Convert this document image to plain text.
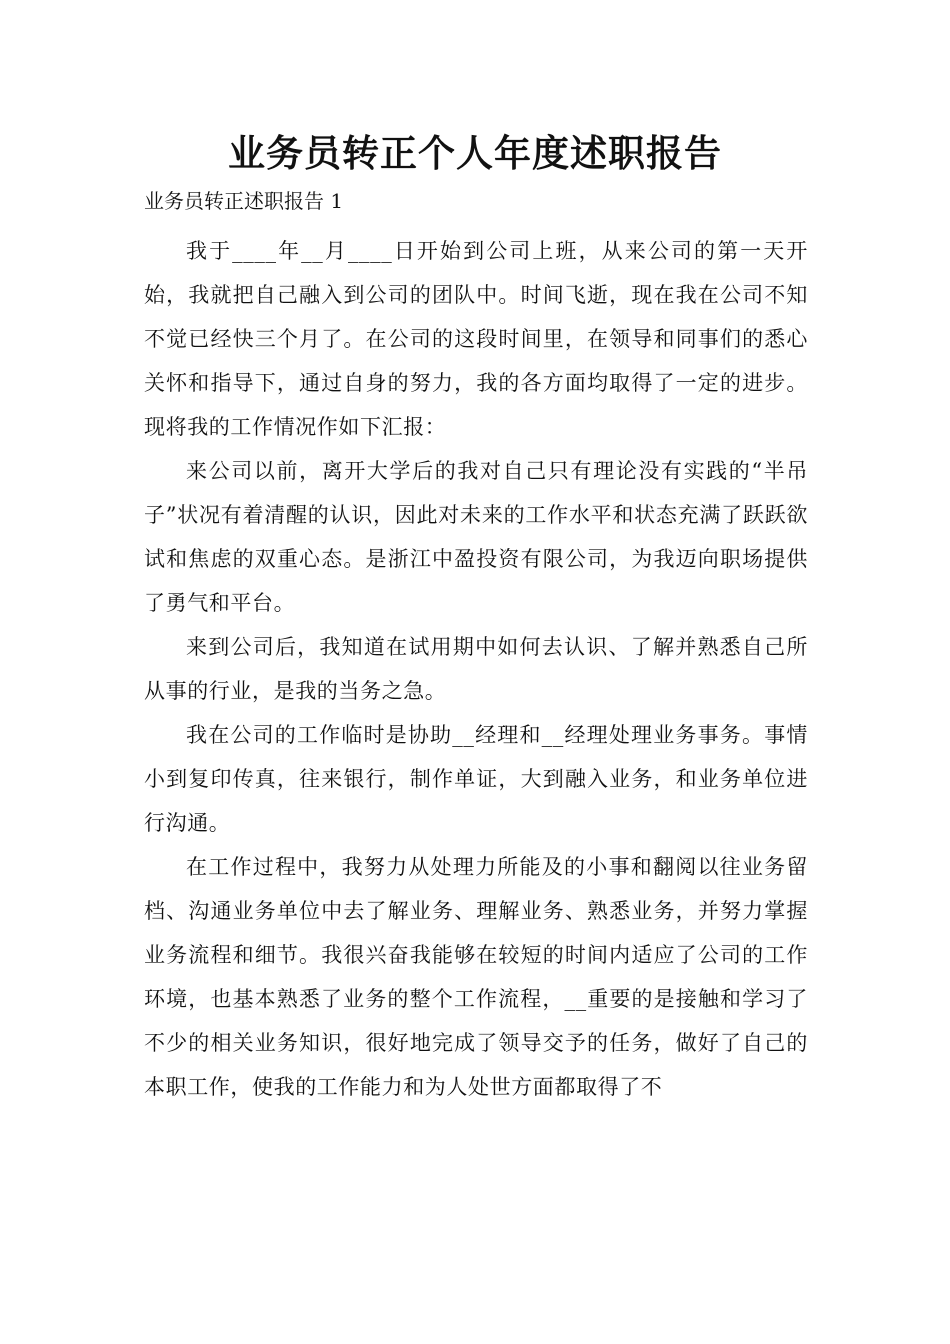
业务员转正个人年度述职报告

业务员转正述职报告 1

我于____年__月____日开始到公司上班，从来公司的第一天开始，我就把自己融入到公司的团队中。时间飞逝，现在我在公司不知不觉已经快三个月了。在公司的这段时间里，在领导和同事们的悉心关怀和指导下，通过自身的努力，我的各方面均取得了一定的进步。现将我的工作情况作如下汇报：

来公司以前，离开大学后的我对自己只有理论没有实践的“半吊子”状况有着清醒的认识，因此对未来的工作水平和状态充满了跃跃欲试和焦虑的双重心态。是浙江中盈投资有限公司，为我迈向职场提供了勇气和平台。

来到公司后，我知道在试用期中如何去认识、了解并熟悉自己所从事的行业，是我的当务之急。

我在公司的工作临时是协助__经理和__经理处理业务事务。事情小到复印传真，往来银行，制作单证，大到融入业务，和业务单位进行沟通。

在工作过程中，我努力从处理力所能及的小事和翻阅以往业务留档、沟通业务单位中去了解业务、理解业务、熟悉业务，并努力掌握业务流程和细节。我很兴奋我能够在较短的时间内适应了公司的工作环境，也基本熟悉了业务的整个工作流程，__重要的是接触和学习了不少的相关业务知识，很好地完成了领导交予的任务，做好了自己的本职工作，使我的工作能力和为人处世方面都取得了不
